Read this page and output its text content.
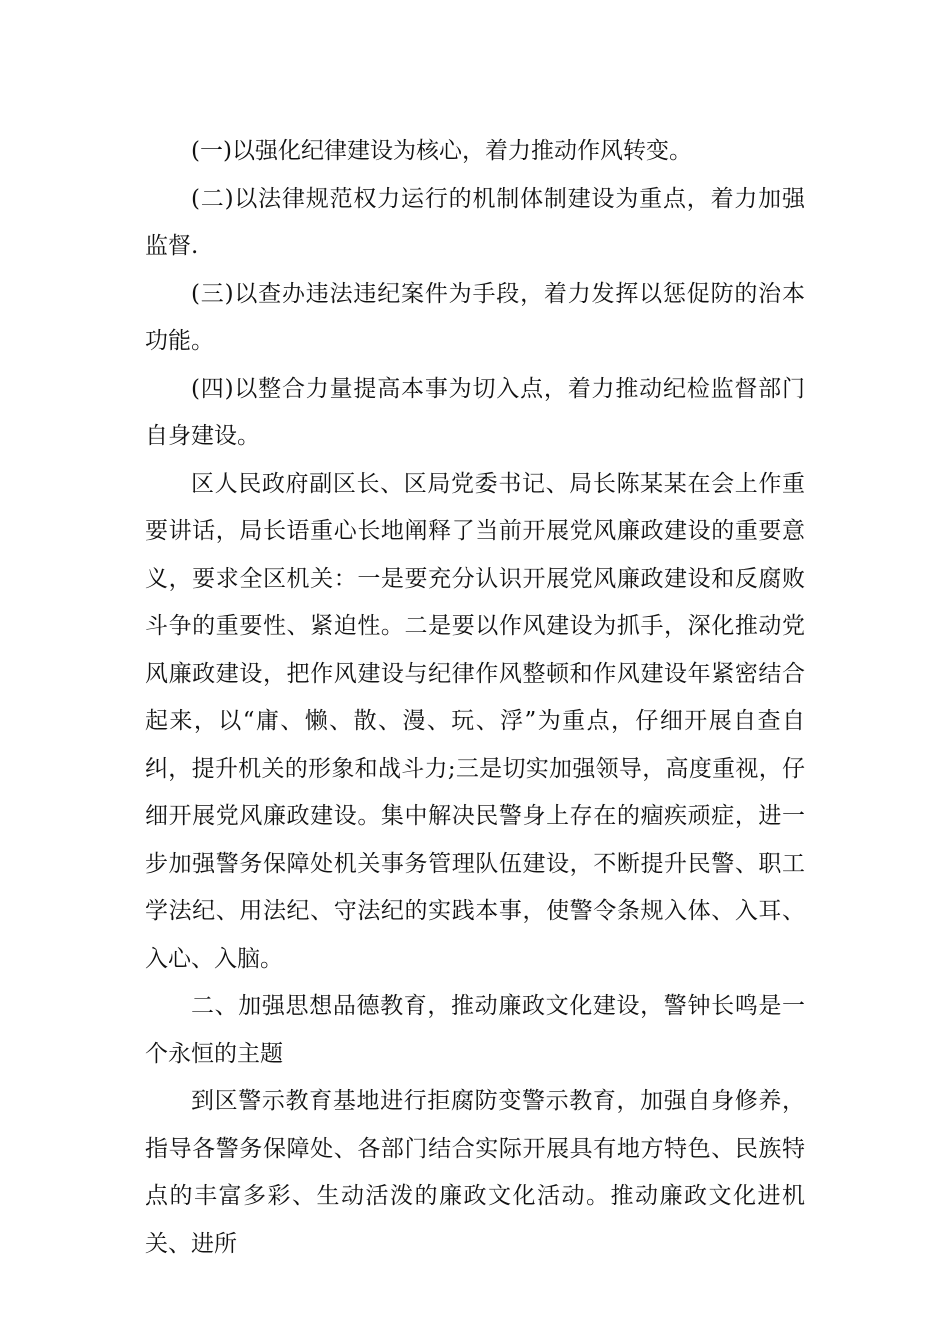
(一)以强化纪律建设为核心，着力推动作风转变。

(二)以法律规范权力运行的机制体制建设为重点，着力加强监督.

(三)以查办违法违纪案件为手段，着力发挥以惩促防的治本功能。

(四)以整合力量提高本事为切入点，着力推动纪检监督部门自身建设。

区人民政府副区长、区局党委书记、局长陈某某在会上作重要讲话，局长语重心长地阐释了当前开展党风廉政建设的重要意义，要求全区机关：一是要充分认识开展党风廉政建设和反腐败斗争的重要性、紧迫性。二是要以作风建设为抓手，深化推动党风廉政建设，把作风建设与纪律作风整顿和作风建设年紧密结合起来，以“庸、懒、散、漫、玩、浮”为重点，仔细开展自查自纠，提升机关的形象和战斗力;三是切实加强领导，高度重视，仔细开展党风廉政建设。集中解决民警身上存在的痼疾顽症，进一步加强警务保障处机关事务管理队伍建设，不断提升民警、职工学法纪、用法纪、守法纪的实践本事，使警令条规入体、入耳、入心、入脑。

二、加强思想品德教育，推动廉政文化建设，警钟长鸣是一个永恒的主题

到区警示教育基地进行拒腐防变警示教育，加强自身修养，指导各警务保障处、各部门结合实际开展具有地方特色、民族特点的丰富多彩、生动活泼的廉政文化活动。推动廉政文化进机关、进所
